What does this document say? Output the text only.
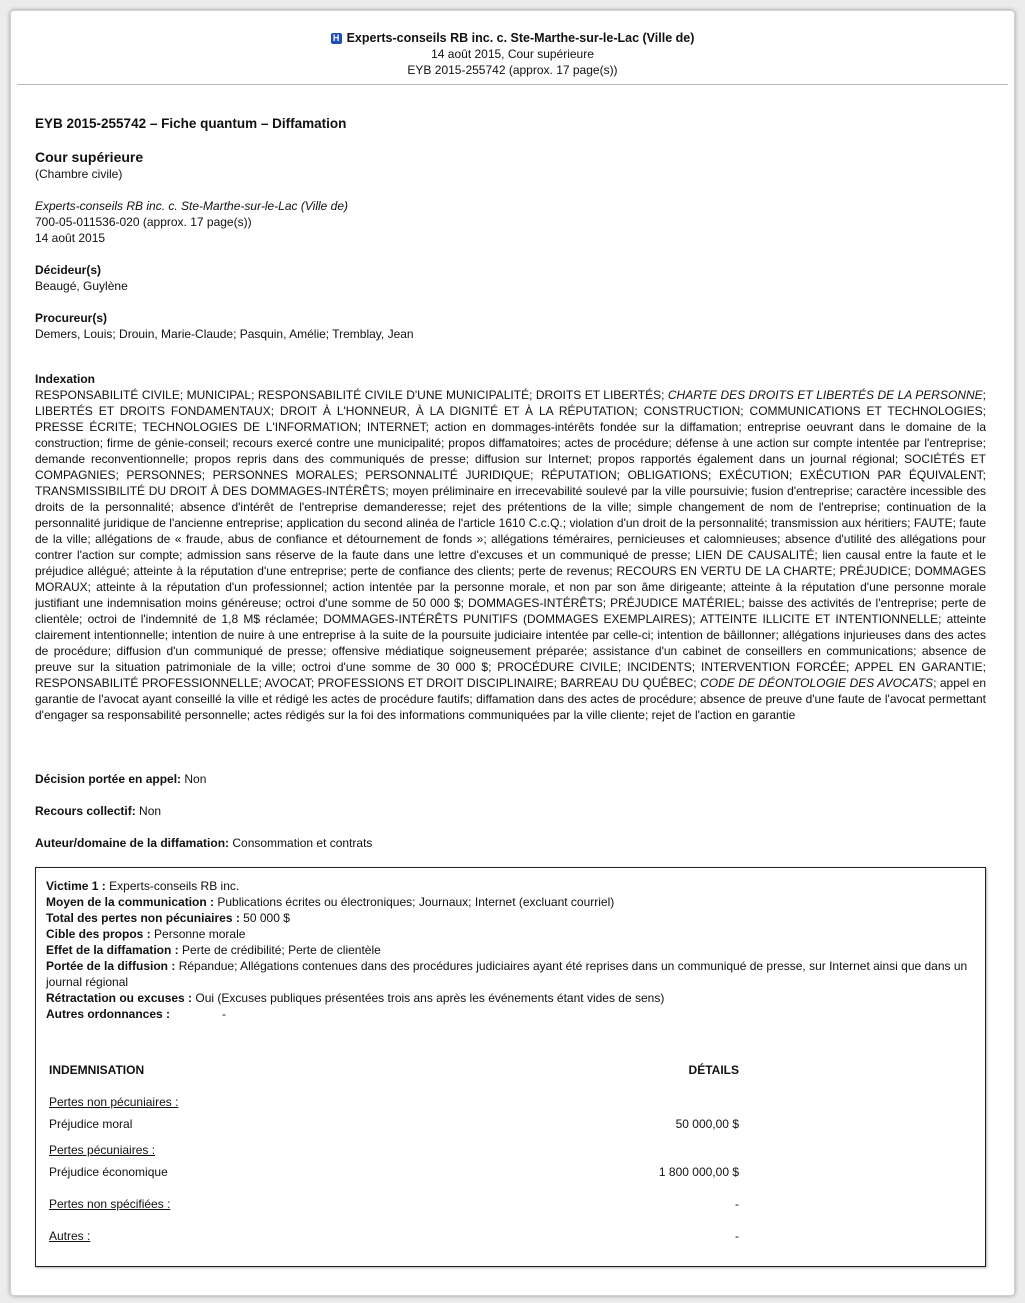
H Experts-conseils RB inc. c. Ste-Marthe-sur-le-Lac (Ville de)
14 août 2015, Cour supérieure
EYB 2015-255742 (approx. 17 page(s))
EYB 2015-255742 – Fiche quantum – Diffamation
Cour supérieure
(Chambre civile)
Experts-conseils RB inc. c. Ste-Marthe-sur-le-Lac (Ville de)
700-05-011536-020 (approx. 17 page(s))
14 août 2015
Décideur(s)
Beaugé, Guylène
Procureur(s)
Demers, Louis; Drouin, Marie-Claude; Pasquin, Amélie; Tremblay, Jean
Indexation
RESPONSABILITÉ CIVILE; MUNICIPAL; RESPONSABILITÉ CIVILE D'UNE MUNICIPALITÉ; DROITS ET LIBERTÉS; CHARTE DES DROITS ET LIBERTÉS DE LA PERSONNE; LIBERTÉS ET DROITS FONDAMENTAUX; DROIT À L'HONNEUR, À LA DIGNITÉ ET À LA RÉPUTATION; CONSTRUCTION; COMMUNICATIONS ET TECHNOLOGIES; PRESSE ÉCRITE; TECHNOLOGIES DE L'INFORMATION; INTERNET; action en dommages-intérêts fondée sur la diffamation; entreprise oeuvrant dans le domaine de la construction; firme de génie-conseil; recours exercé contre une municipalité; propos diffamatoires; actes de procédure; défense à une action sur compte intentée par l'entreprise; demande reconventionnelle; propos repris dans des communiqués de presse; diffusion sur Internet; propos rapportés également dans un journal régional; SOCIÉTÉS ET COMPAGNIES; PERSONNES; PERSONNES MORALES; PERSONNALITÉ JURIDIQUE; RÉPUTATION; OBLIGATIONS; EXÉCUTION; EXÉCUTION PAR ÉQUIVALENT; TRANSMISSIBILITÉ DU DROIT À DES DOMMAGES-INTÉRÊTS; moyen préliminaire en irrecevabilité soulevé par la ville poursuivie; fusion d'entreprise; caractère incessible des droits de la personnalité; absence d'intérêt de l'entreprise demanderesse; rejet des prétentions de la ville; simple changement de nom de l'entreprise; continuation de la personnalité juridique de l'ancienne entreprise; application du second alinéa de l'article 1610 C.c.Q.; violation d'un droit de la personnalité; transmission aux héritiers; FAUTE; faute de la ville; allégations de « fraude, abus de confiance et détournement de fonds »; allégations téméraires, pernicieuses et calomnieuses; absence d'utilité des allégations pour contrer l'action sur compte; admission sans réserve de la faute dans une lettre d'excuses et un communiqué de presse; LIEN DE CAUSALITÉ; lien causal entre la faute et le préjudice allégué; atteinte à la réputation d'une entreprise; perte de confiance des clients; perte de revenus; RECOURS EN VERTU DE LA CHARTE; PRÉJUDICE; DOMMAGES MORAUX; atteinte à la réputation d'un professionnel; action intentée par la personne morale, et non par son âme dirigeante; atteinte à la réputation d'une personne morale justifiant une indemnisation moins généreuse; octroi d'une somme de 50 000 $; DOMMAGES-INTÉRÊTS; PRÉJUDICE MATÉRIEL; baisse des activités de l'entreprise; perte de clientèle; octroi de l'indemnité de 1,8 M$ réclamée; DOMMAGES-INTÉRÊTS PUNITIFS (DOMMAGES EXEMPLAIRES); ATTEINTE ILLICITE ET INTENTIONNELLE; atteinte clairement intentionnelle; intention de nuire à une entreprise à la suite de la poursuite judiciaire intentée par celle-ci; intention de bâillonner; allégations injurieuses dans des actes de procédure; diffusion d'un communiqué de presse; offensive médiatique soigneusement préparée; assistance d'un cabinet de conseillers en communications; absence de preuve sur la situation patrimoniale de la ville; octroi d'une somme de 30 000 $; PROCÉDURE CIVILE; INCIDENTS; INTERVENTION FORCÉE; APPEL EN GARANTIE; RESPONSABILITÉ PROFESSIONNELLE; AVOCAT; PROFESSIONS ET DROIT DISCIPLINAIRE; BARREAU DU QUÉBEC; CODE DE DÉONTOLOGIE DES AVOCATS; appel en garantie de l'avocat ayant conseillé la ville et rédigé les actes de procédure fautifs; diffamation dans des actes de procédure; absence de preuve d'une faute de l'avocat permettant d'engager sa responsabilité personnelle; actes rédigés sur la foi des informations communiquées par la ville cliente; rejet de l'action en garantie
Décision portée en appel: Non
Recours collectif: Non
Auteur/domaine de la diffamation: Consommation et contrats
Victime 1 : Experts-conseils RB inc.
Moyen de la communication : Publications écrites ou électroniques; Journaux; Internet (excluant courriel)
Total des pertes non pécuniaires : 50 000 $
Cible des propos : Personne morale
Effet de la diffamation : Perte de crédibilité; Perte de clientèle
Portée de la diffusion : Répandue; Allégations contenues dans des procédures judiciaires ayant été reprises dans un communiqué de presse, sur Internet ainsi que dans un journal régional
Rétractation ou excuses : Oui (Excuses publiques présentées trois ans après les événements étant vides de sens)
Autres ordonnances :	-
INDEMNISATION	DÉTAILS
Pertes non pécuniaires :
Préjudice moral	50 000,00 $
Pertes pécuniaires :
Préjudice économique	1 800 000,00 $
Pertes non spécifiées :	-
Autres :	-
